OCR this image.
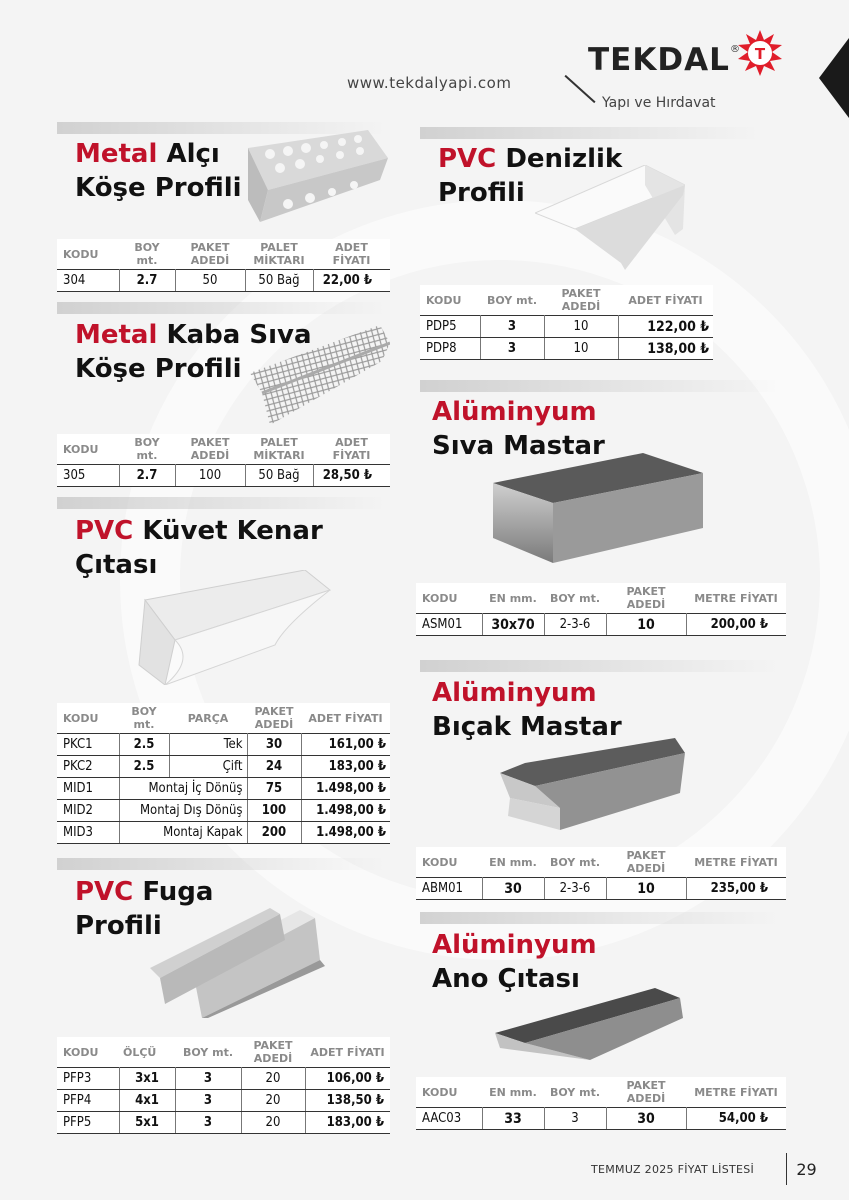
www.tekdalyapi.com
TEKDAL ®
Yapı ve Hırdavat
T
Metal Alçı
Köşe Profili
KODU	BOY mt.	PAKET ADEDİ	PALET MİKTARI	ADET FİYATI
304	2.7	50	50 Bağ	22,00 ₺
Metal Kaba Sıva
Köşe Profili
KODU	BOY mt.	PAKET ADEDİ	PALET MİKTARI	ADET FİYATI
305	2.7	100	50 Bağ	28,50 ₺
PVC Küvet Kenar
Çıtası
KODU	BOY mt.	PARÇA	PAKET ADEDİ	ADET FİYATI
PKC1	2.5	Tek	30	161,00 ₺
PKC2	2.5	Çift	24	183,00 ₺
MID1	Montaj İç Dönüş		75	1.498,00 ₺
MID2	Montaj Dış Dönüş		100	1.498,00 ₺
MID3	Montaj Kapak		200	1.498,00 ₺
PVC Fuga
Profili
KODU	ÖLÇÜ	BOY mt.	PAKET ADEDİ	ADET FİYATI
PFP3	3x1	3	20	106,00 ₺
PFP4	4x1	3	20	138,50 ₺
PFP5	5x1	3	20	183,00 ₺
PVC Denizlik
Profili
KODU	BOY mt.	PAKET ADEDİ	ADET FİYATI
PDP5	3	10	122,00 ₺
PDP8	3	10	138,00 ₺
Alüminyum
Sıva Mastar
KODU	EN mm.	BOY mt.	PAKET ADEDİ	METRE FİYATI
ASM01	30x70	2-3-6	10	200,00 ₺
Alüminyum
Bıçak Mastar
KODU	EN mm.	BOY mt.	PAKET ADEDİ	METRE FİYATI
ABM01	30	2-3-6	10	235,00 ₺
Alüminyum
Ano Çıtası
KODU	EN mm.	BOY mt.	PAKET ADEDİ	METRE FİYATI
AAC03	33	3	30	54,00 ₺
TEMMUZ 2025 FİYAT LİSTESİ	29
